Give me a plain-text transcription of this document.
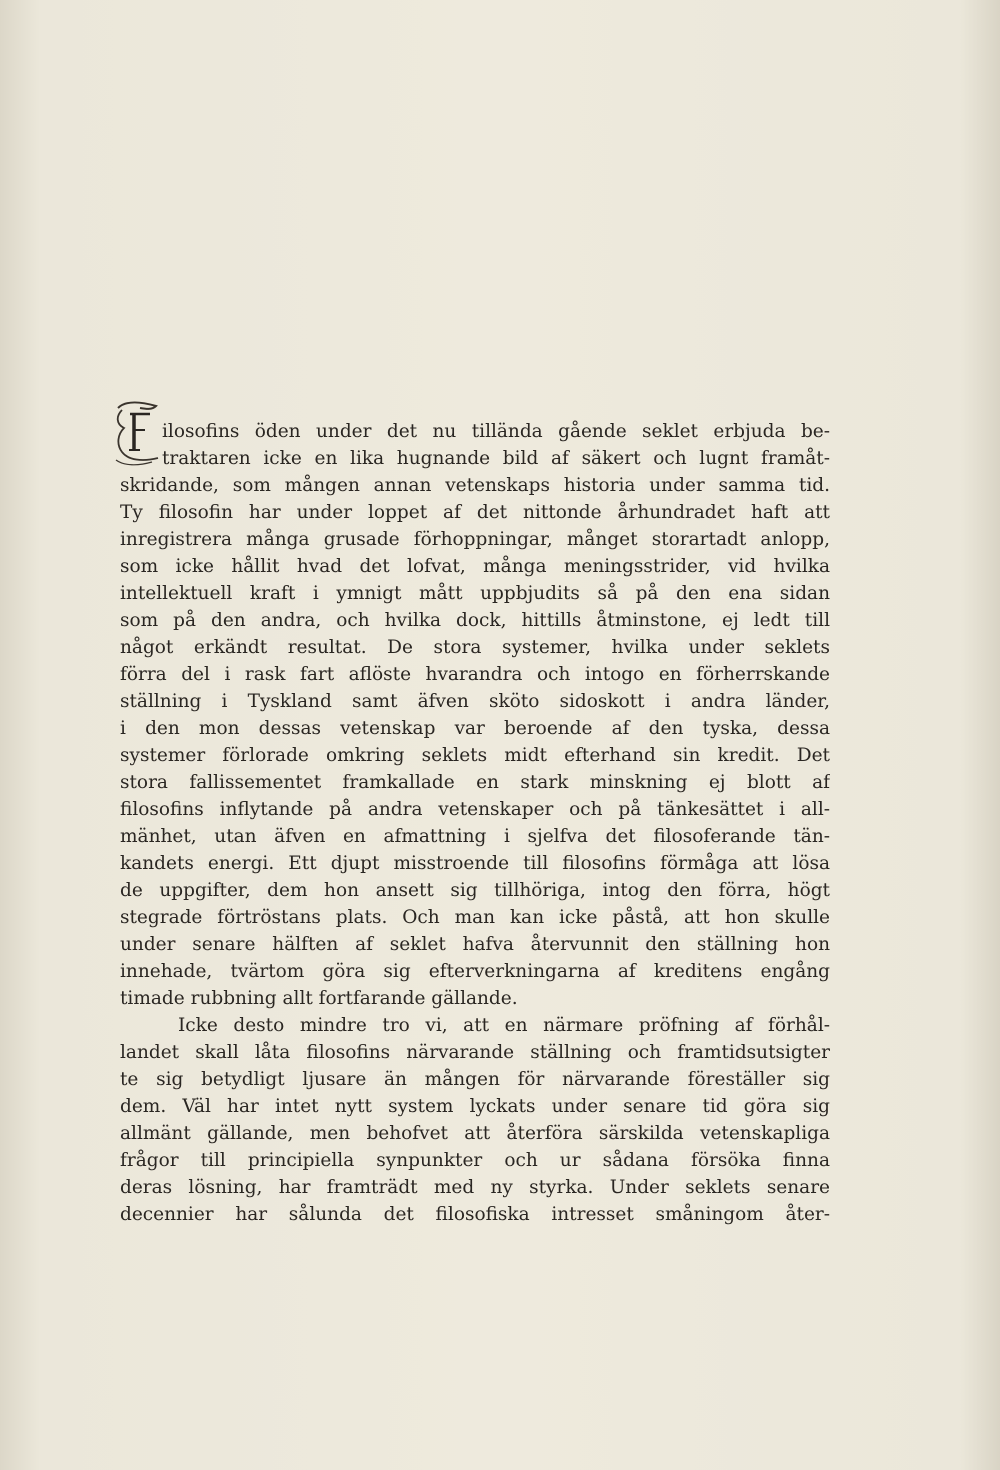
ilosofins öden under det nu tilländа gående seklet erbjuda be-
traktaren icke en lika hugnande bild af säkert och lugnt framåt-
skridande, som mången annan vetenskaps historia under samma tid.
Ty filosofin har under loppet af det nittonde århundradet haft att
inregistrera många grusade förhoppningar, månget storartadt anlopp,
som icke hållit hvad det lofvat, många meningsstrider, vid hvilka
intellektuell kraft i ymnigt mått uppbjudits så på den ena sidan
som på den andra, och hvilka dock, hittills åtminstone, ej ledt till
något erkändt resultat. De stora systemer, hvilka under seklets
förra del i rask fart aflöste hvarandra och intogo en förherrskande
ställning i Tyskland samt äfven sköto sidoskott i andra länder,
i den mon dessas vetenskap var beroende af den tyska, dessa
systemer förlorade omkring seklets midt efterhand sin kredit. Det
stora fallissementet framkallade en stark minskning ej blott af
filosofins inflytande på andra vetenskaper och på tänkesättet i all-
mänhet, utan äfven en afmattning i sjelfva det filosoferande tän-
kandets energi. Ett djupt misstroende till filosofins förmåga att lösa
de uppgifter, dem hon ansett sig tillhöriga, intog den förra, högt
stegrade förtröstans plats. Och man kan icke påstå, att hon skulle
under senare hälften af seklet hafva återvunnit den ställning hon
innehade, tvärtom göra sig efterverkningarna af kreditens engång
timade rubbning allt fortfarande gällande.
Icke desto mindre tro vi, att en närmare pröfning af förhål-
landet skall låta filosofins närvarande ställning och framtidsutsigter
te sig betydligt ljusare än mången för närvarande föreställer sig
dem. Väl har intet nytt system lyckats under senare tid göra sig
allmänt gällande, men behofvet att återföra särskilda vetenskapliga
frågor till principiella synpunkter och ur sådana försöka finna
deras lösning, har framträdt med ny styrka. Under seklets senare
decennier har sålunda det filosofiska intresset småningom åter-
